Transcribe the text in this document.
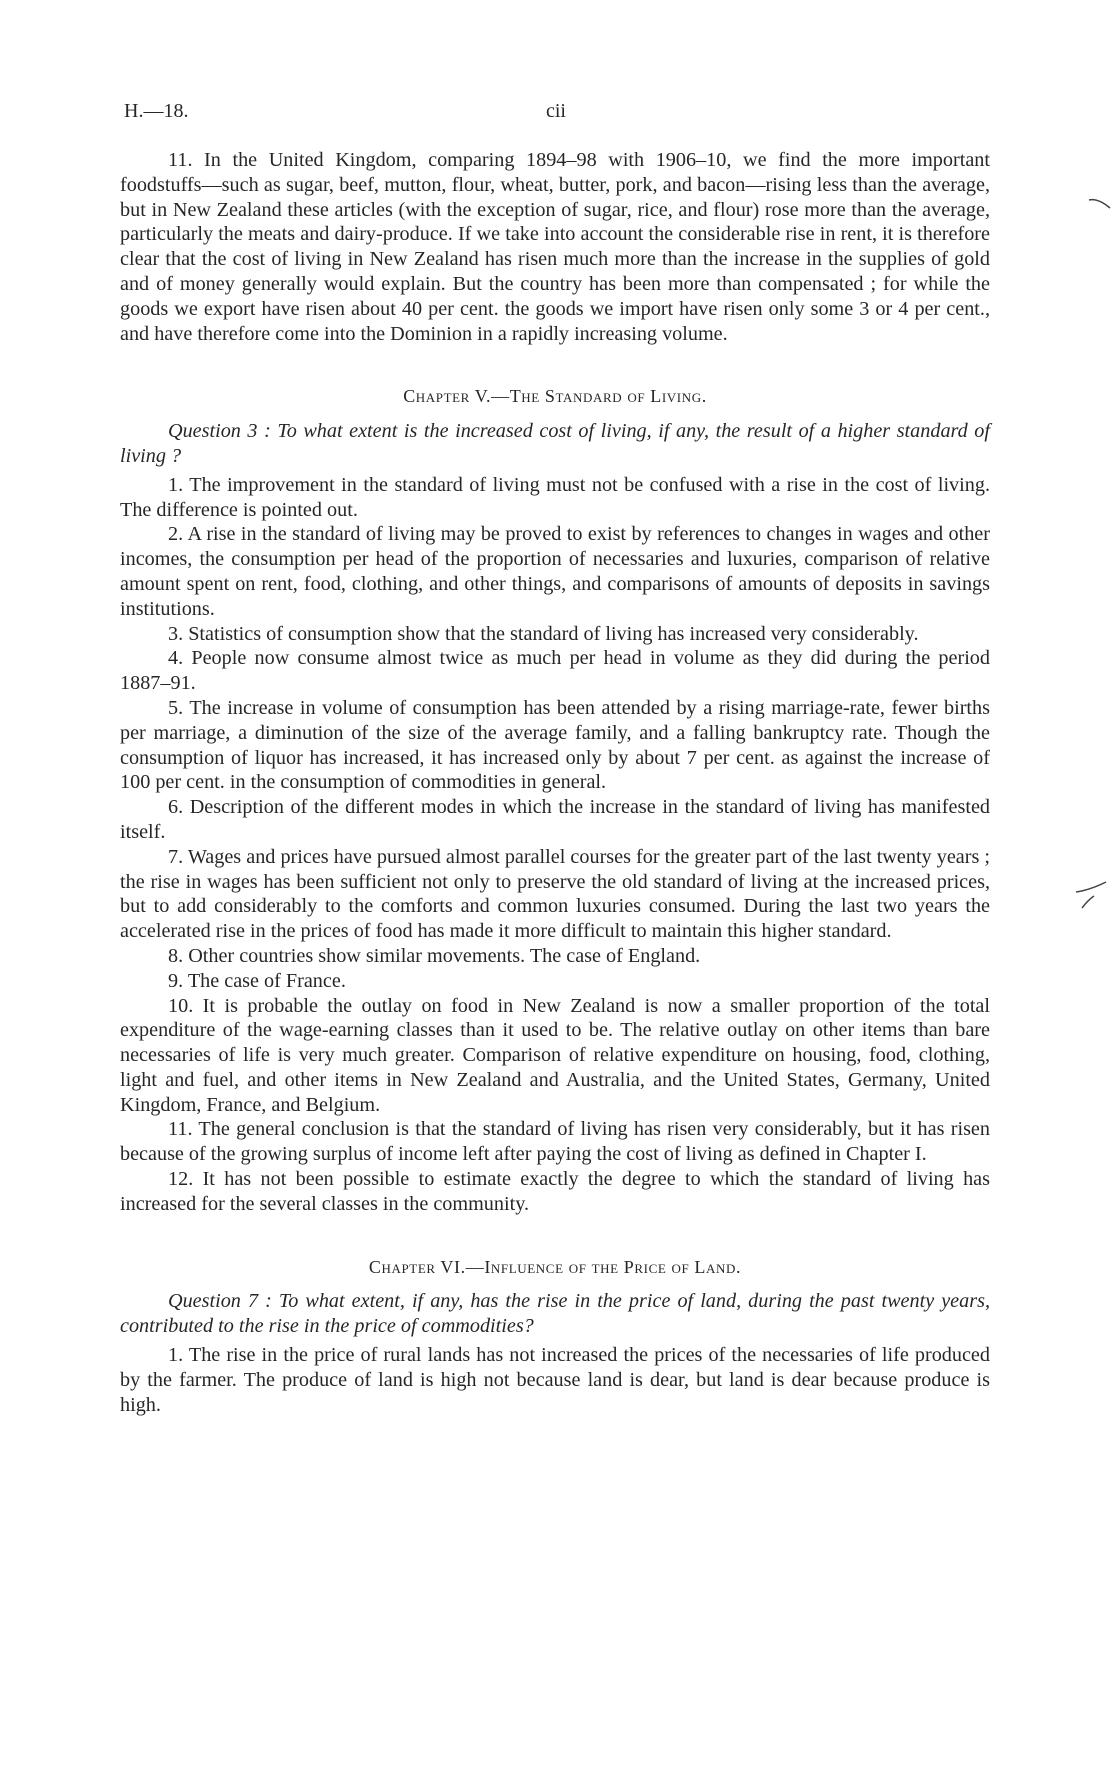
H.—18.	cii

11. In the United Kingdom, comparing 1894–98 with 1906–10, we find the more important foodstuffs—such as sugar, beef, mutton, flour, wheat, butter, pork, and bacon—rising less than the average, but in New Zealand these articles (with the exception of sugar, rice, and flour) rose more than the average, particularly the meats and dairy-produce. If we take into account the considerable rise in rent, it is therefore clear that the cost of living in New Zealand has risen much more than the increase in the supplies of gold and of money generally would explain. But the country has been more than compensated ; for while the goods we export have risen about 40 per cent. the goods we import have risen only some 3 or 4 per cent., and have therefore come into the Dominion in a rapidly increasing volume.

Chapter V.—The Standard of Living.

Question 3 : To what extent is the increased cost of living, if any, the result of a higher standard of living ?

1. The improvement in the standard of living must not be confused with a rise in the cost of living. The difference is pointed out.

2. A rise in the standard of living may be proved to exist by references to changes in wages and other incomes, the consumption per head of the proportion of necessaries and luxuries, comparison of relative amount spent on rent, food, clothing, and other things, and comparisons of amounts of deposits in savings institutions.

3. Statistics of consumption show that the standard of living has increased very considerably.

4. People now consume almost twice as much per head in volume as they did during the period 1887–91.

5. The increase in volume of consumption has been attended by a rising marriage-rate, fewer births per marriage, a diminution of the size of the average family, and a falling bankruptcy rate. Though the consumption of liquor has increased, it has increased only by about 7 per cent. as against the increase of 100 per cent. in the consumption of commodities in general.

6. Description of the different modes in which the increase in the standard of living has manifested itself.

7. Wages and prices have pursued almost parallel courses for the greater part of the last twenty years ; the rise in wages has been sufficient not only to preserve the old standard of living at the increased prices, but to add considerably to the comforts and common luxuries consumed. During the last two years the accelerated rise in the prices of food has made it more difficult to maintain this higher standard.

8. Other countries show similar movements. The case of England.

9. The case of France.

10. It is probable the outlay on food in New Zealand is now a smaller proportion of the total expenditure of the wage-earning classes than it used to be. The relative outlay on other items than bare necessaries of life is very much greater. Comparison of relative expenditure on housing, food, clothing, light and fuel, and other items in New Zealand and Australia, and the United States, Germany, United Kingdom, France, and Belgium.

11. The general conclusion is that the standard of living has risen very considerably, but it has risen because of the growing surplus of income left after paying the cost of living as defined in Chapter I.

12. It has not been possible to estimate exactly the degree to which the standard of living has increased for the several classes in the community.

Chapter VI.—Influence of the Price of Land.

Question 7 : To what extent, if any, has the rise in the price of land, during the past twenty years, contributed to the rise in the price of commodities?

1. The rise in the price of rural lands has not increased the prices of the necessaries of life produced by the farmer. The produce of land is high not because land is dear, but land is dear because produce is high.
